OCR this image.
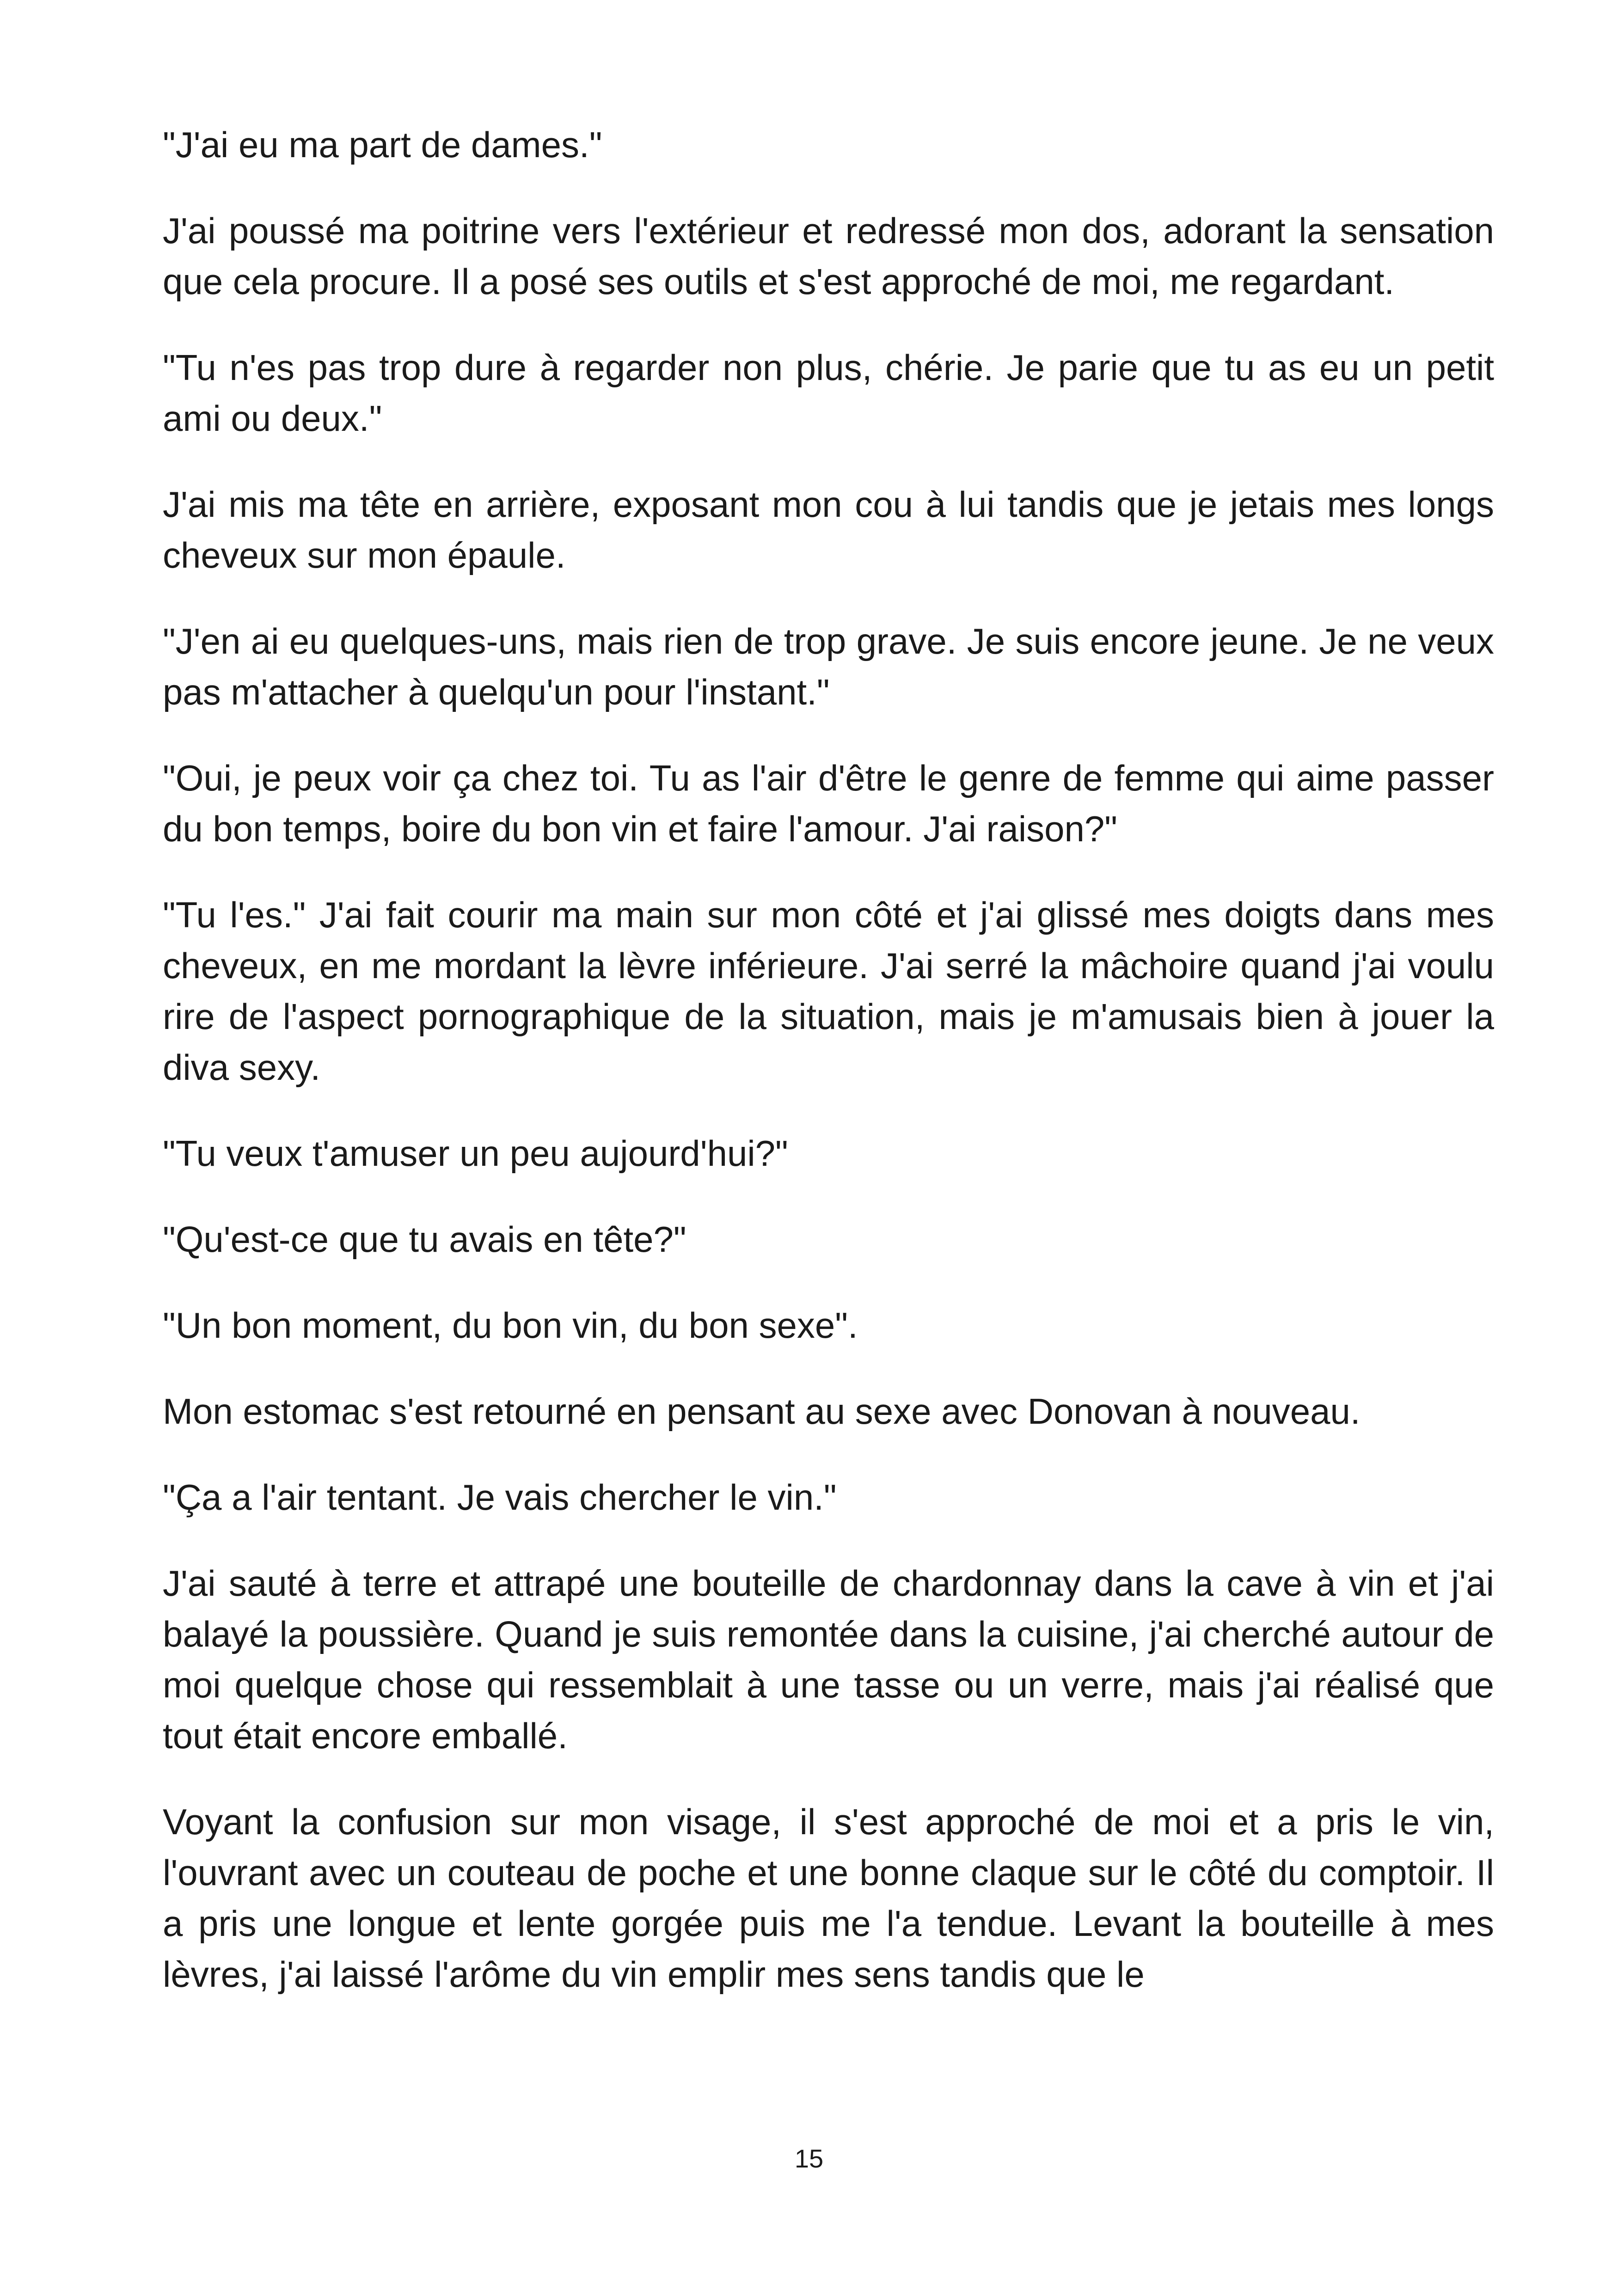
"J'ai eu ma part de dames."

J'ai poussé ma poitrine vers l'extérieur et redressé mon dos, adorant la sensation que cela procure. Il a posé ses outils et s'est approché de moi, me regardant.

"Tu n'es pas trop dure à regarder non plus, chérie. Je parie que tu as eu un petit ami ou deux."

J'ai mis ma tête en arrière, exposant mon cou à lui tandis que je jetais mes longs cheveux sur mon épaule.

"J'en ai eu quelques-uns, mais rien de trop grave. Je suis encore jeune. Je ne veux pas m'attacher à quelqu'un pour l'instant."

"Oui, je peux voir ça chez toi. Tu as l'air d'être le genre de femme qui aime passer du bon temps, boire du bon vin et faire l'amour. J'ai raison?"

"Tu l'es." J'ai fait courir ma main sur mon côté et j'ai glissé mes doigts dans mes cheveux, en me mordant la lèvre inférieure. J'ai serré la mâchoire quand j'ai voulu rire de l'aspect pornographique de la situation, mais je m'amusais bien à jouer la diva sexy.

"Tu veux t'amuser un peu aujourd'hui?"

"Qu'est-ce que tu avais en tête?"

"Un bon moment, du bon vin, du bon sexe".

Mon estomac s'est retourné en pensant au sexe avec Donovan à nouveau.

"Ça a l'air tentant. Je vais chercher le vin."

J'ai sauté à terre et attrapé une bouteille de chardonnay dans la cave à vin et j'ai balayé la poussière. Quand je suis remontée dans la cuisine, j'ai cherché autour de moi quelque chose qui ressemblait à une tasse ou un verre, mais j'ai réalisé que tout était encore emballé.

Voyant la confusion sur mon visage, il s'est approché de moi et a pris le vin, l'ouvrant avec un couteau de poche et une bonne claque sur le côté du comptoir. Il a pris une longue et lente gorgée puis me l'a tendue. Levant la bouteille à mes lèvres, j'ai laissé l'arôme du vin emplir mes sens tandis que le

15
